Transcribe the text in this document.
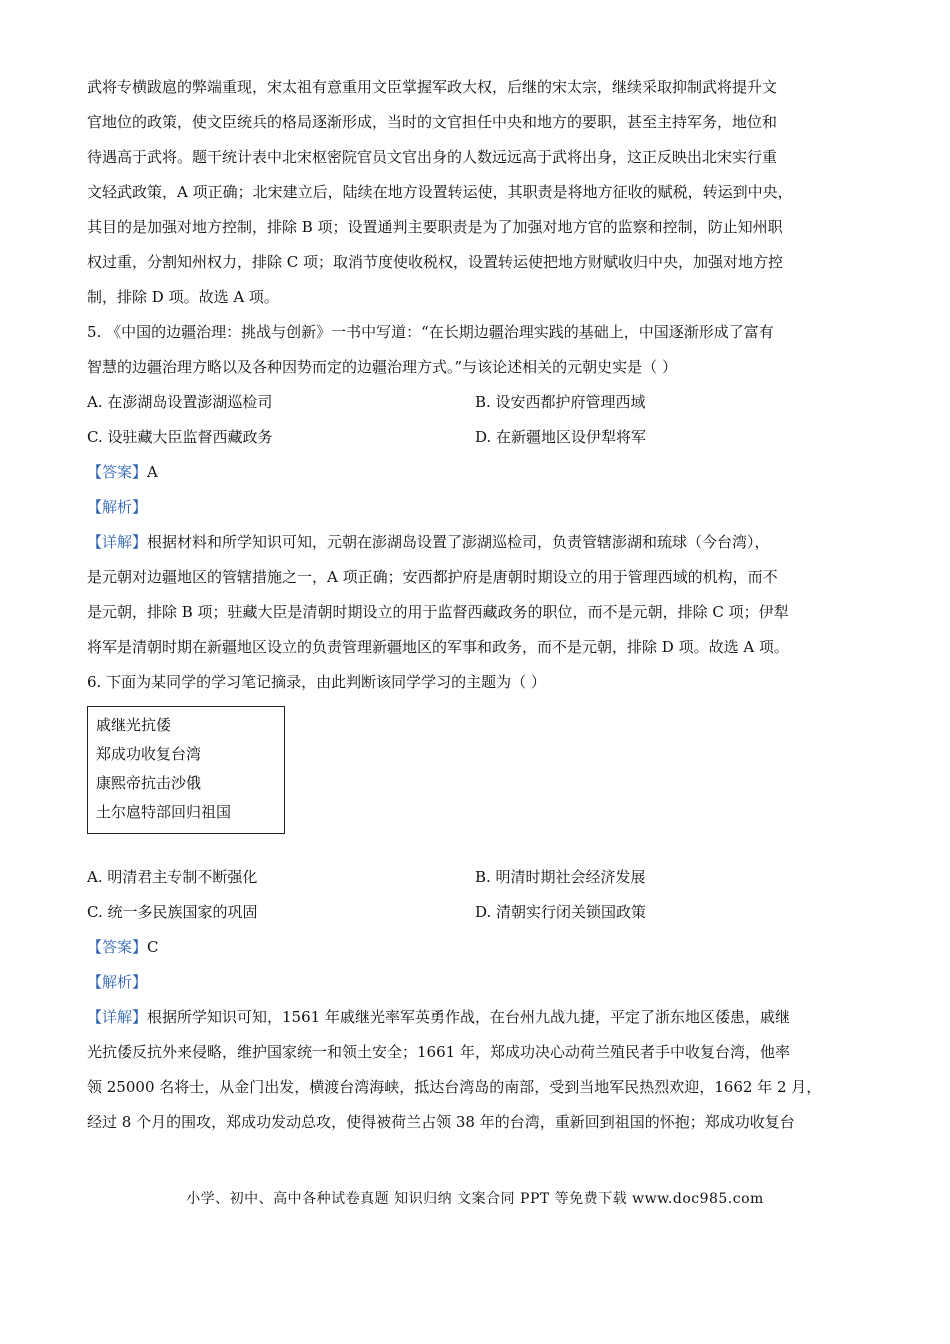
武将专横跋扈的弊端重现，宋太祖有意重用文臣掌握军政大权，后继的宋太宗，继续采取抑制武将提升文

官地位的政策，使文臣统兵的格局逐渐形成，当时的文官担任中央和地方的要职，甚至主持军务，地位和

待遇高于武将。题干统计表中北宋枢密院官员文官出身的人数远远高于武将出身，这正反映出北宋实行重

文轻武政策，A 项正确；北宋建立后，陆续在地方设置转运使，其职责是将地方征收的赋税，转运到中央，

其目的是加强对地方控制，排除 B 项；设置通判主要职责是为了加强对地方官的监察和控制，防止知州职

权过重，分割知州权力，排除 C 项；取消节度使收税权，设置转运使把地方财赋收归中央，加强对地方控

制，排除 D 项。故选 A 项。

5. 《中国的边疆治理：挑战与创新》一书中写道：“在长期边疆治理实践的基础上，中国逐渐形成了富有

智慧的边疆治理方略以及各种因势而定的边疆治理方式。”与该论述相关的元朝史实是（ ）

A. 在澎湖岛设置澎湖巡检司	B. 设安西都护府管理西域
C. 设驻藏大臣监督西藏政务	D. 在新疆地区设伊犁将军

【答案】A

【解析】

【详解】根据材料和所学知识可知，元朝在澎湖岛设置了澎湖巡检司，负责管辖澎湖和琉球（今台湾），

是元朝对边疆地区的管辖措施之一，A 项正确；安西都护府是唐朝时期设立的用于管理西域的机构，而不

是元朝，排除 B 项；驻藏大臣是清朝时期设立的用于监督西藏政务的职位，而不是元朝，排除 C 项；伊犁

将军是清朝时期在新疆地区设立的负责管理新疆地区的军事和政务，而不是元朝，排除 D 项。故选 A 项。

6. 下面为某同学的学习笔记摘录，由此判断该同学学习的主题为（ ）

戚继光抗倭
郑成功收复台湾
康熙帝抗击沙俄
土尔扈特部回归祖国
A. 明清君主专制不断强化	B. 明清时期社会经济发展
C. 统一多民族国家的巩固	D. 清朝实行闭关锁国政策

【答案】C

【解析】

【详解】根据所学知识可知，1561 年戚继光率军英勇作战，在台州九战九捷，平定了浙东地区倭患，戚继

光抗倭反抗外来侵略，维护国家统一和领土安全；1661 年，郑成功决心动荷兰殖民者手中收复台湾，他率

领 25000 名将士，从金门出发，横渡台湾海峡，抵达台湾岛的南部，受到当地军民热烈欢迎，1662 年 2 月，

经过 8 个月的围攻，郑成功发动总攻，使得被荷兰占领 38 年的台湾，重新回到祖国的怀抱；郑成功收复台

小学、初中、高中各种试卷真题 知识归纳 文案合同 PPT 等免费下载 www.doc985.com
